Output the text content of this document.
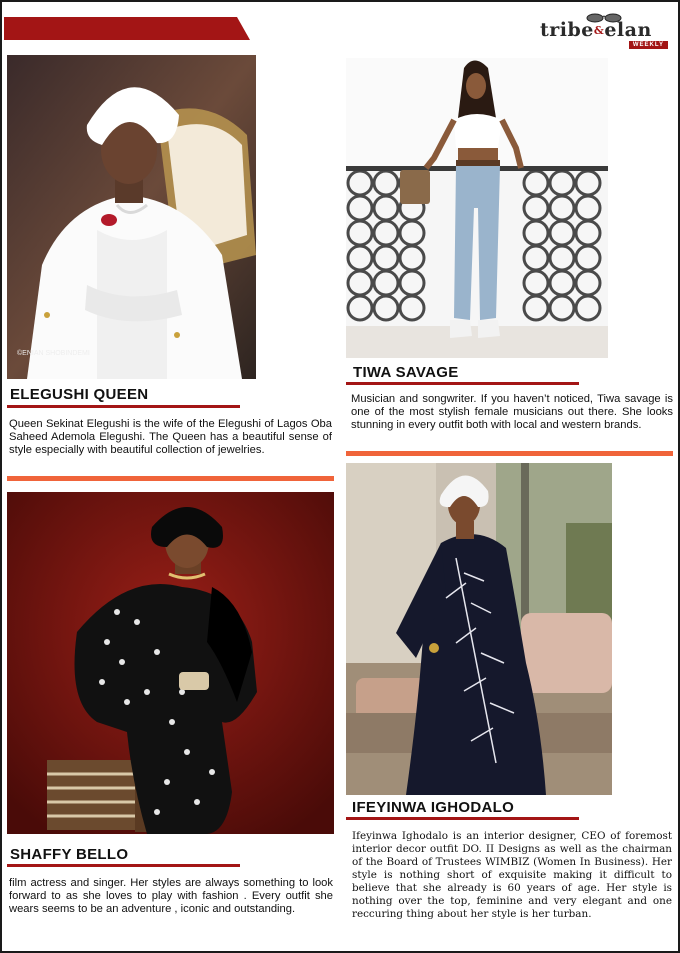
tribe&elan
WEEKLY
©ENIAN SHOBINDEMI
ELEGUSHI QUEEN

Queen Sekinat Elegushi is the wife of the Elegushi of Lagos Oba Saheed Ademola Elegushi. The Queen has a beautiful sense of style especially with beautiful collection of jewelries.

TIWA SAVAGE

Musician and songwriter. If you haven’t noticed, Tiwa savage is one of the most stylish female musicians out there. She looks stunning in every outfit both with local and western brands.

SHAFFY BELLO

film actress and singer. Her styles are always something to look forward to as she loves to play with fashion . Every outfit she wears seems to be an adventure , iconic and outstanding.

IFEYINWA IGHODALO

Ifeyinwa Ighodalo is an interior designer, CEO of foremost interior decor outfit DO. II Designs as well as the chairman of the Board of Trustees WIMBIZ (Women In Business). Her style is nothing short of exquisite making it difficult to believe that she already is 60 years of age. Her style is nothing over the top, feminine and very elegant and one reccuring thing about her style is her turban.
